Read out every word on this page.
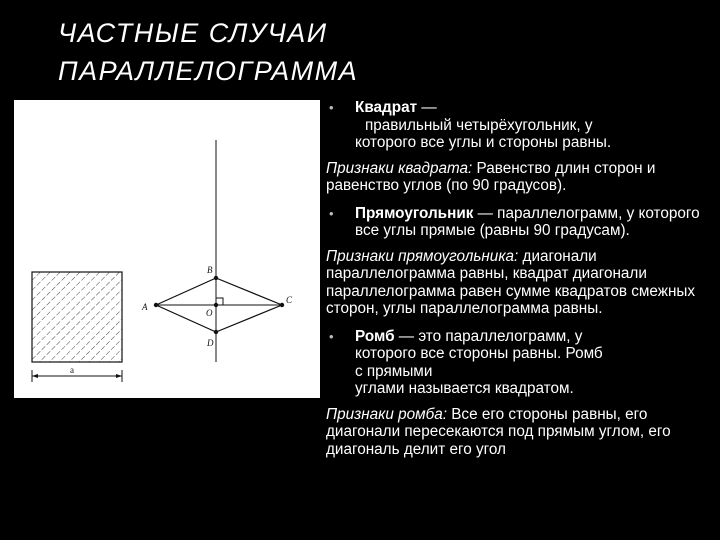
ЧАСТНЫЕ СЛУЧАИ
ПАРАЛЛЕЛОГРАММА
а
A
B
C
D
O
• Квадрат —
правильный четырёхугольник, у
которого все углы и стороны равны.
Признаки квадрата: Равенство длин сторон и равенство углов (по 90 градусов).
• Прямоугольник — параллелограмм, у которого все углы прямые (равны 90 градусам).
Признаки прямоугольника: диагонали параллелограмма равны, квадрат диагонали параллелограмма равен сумме квадратов смежных сторон, углы параллелограмма равны.
• Ромб — это параллелограмм, у
которого все стороны равны. Ромб
с прямыми
углами называется квадратом.
Признаки ромба: Все его стороны равны, его диагонали пересекаются под прямым углом, его диагональ делит его угол
